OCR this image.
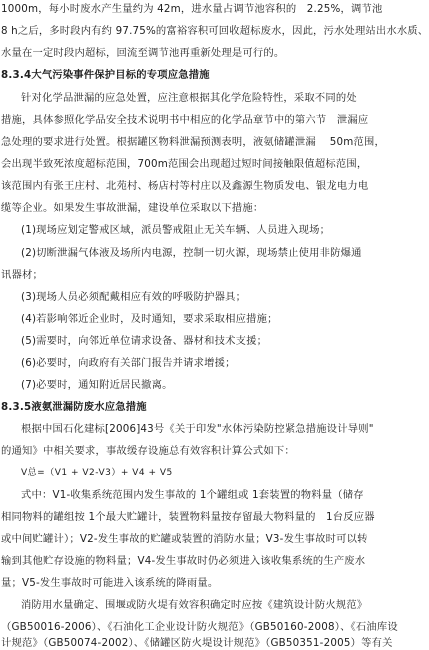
1000m，每小时废水产生量约为 42m，进水量占调节池容积的   2.25%，调节池
8 h之后，多时段内有约 97.75%的富裕容积可回收超标废水，因此，污水处理站出水水质、
水量在一定时段内超标，回流至调节池再重新处理是可行的。
8.3.4大气污染事件保护目标的专项应急措施
针对化学品泄漏的应急处置，应注意根据其化学危险特性，采取不同的处
措施，具体参照化学品安全技术说明书中相应的化学品章节中的第六节   泄漏应
急处理的要求进行处置。根据罐区物料泄漏预测表明，液氨储罐泄漏    50m范围，
会出现半致死浓度超标范围，700m范围会出现超过短时间接触限值超标范围，
该范围内有张王庄村、北苑村、杨店村等村庄以及鑫源生物质发电、银龙电力电
缆等企业。如果发生事故泄漏，建设单位采取以下措施：
(1)现场应划定警戒区域，派员警戒阻止无关车辆、人员进入现场；
(2)切断泄漏气体液及场所内电源，控制一切火源，现场禁止使用非防爆通
讯器材；
(3)现场人员必须配戴相应有效的呼吸防护器具；
(4)若影响邻近企业时，及时通知，要求采取相应措施；
(5)需要时，向邻近单位请求设备、器材和技术支援；
(6)必要时，向政府有关部门报告并请求增援；
(7)必要时，通知附近居民撤离。
8.3.5液氨泄漏防废水应急措施
根据中国石化建标[2006]43号《关于印发"水体污染防控紧急措施设计导则"
的通知》中相关要求，事故缓存设施总有效容积计算公式如下：
V总=（V1 + V2-V3）+ V4 + V5
式中：V1-收集系统范围内发生事故的 1个罐组或 1套装置的物料量（储存
相同物料的罐组按 1个最大贮罐计，装置物料量按存留最大物料量的   1台反应器
或中间贮罐计）；V2-发生事故的贮罐或装置的消防水量；V3-发生事故时可以转
输到其他贮存设施的物料量；V4-发生事故时仍必须进入该收集系统的生产废水
量；V5-发生事故时可能进入该系统的降雨量。
消防用水量确定、围堰或防火堤有效容积确定时应按《建筑设计防火规范》
（GB50016-2006）、《石油化工企业设计防火规范》（GB50160-2008）、《石油库设
计规范》（GB50074-2002）、《储罐区防火堤设计规范》（GB50351-2005）等有关
